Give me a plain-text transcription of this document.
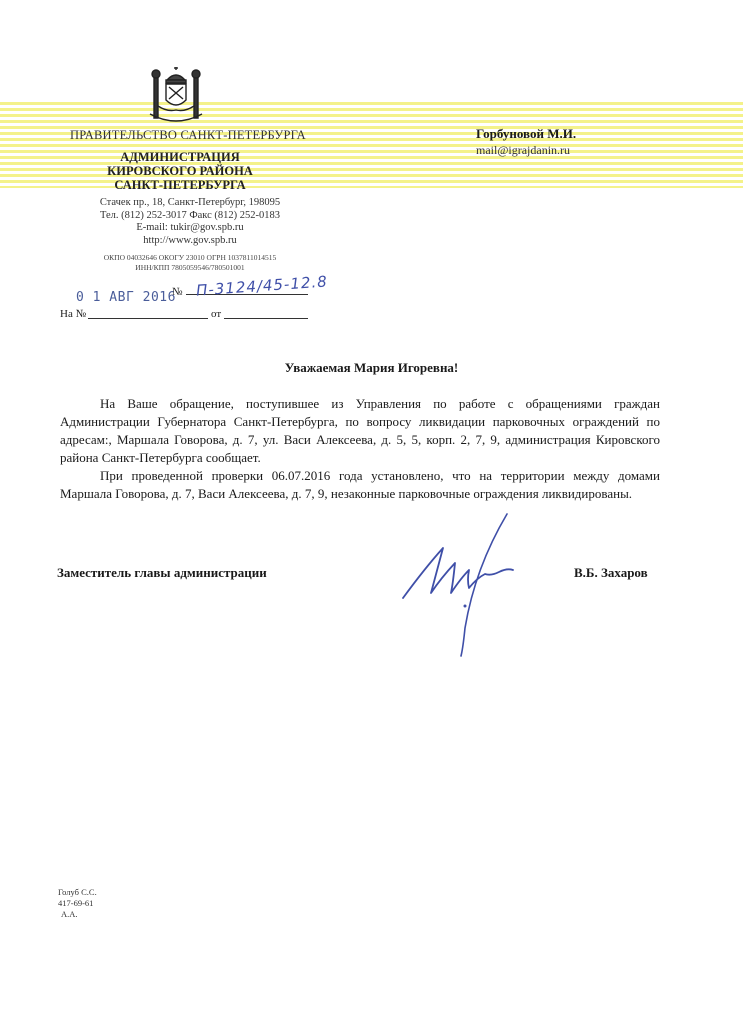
ПРАВИТЕЛЬСТВО САНКТ-ПЕТЕРБУРГА
АДМИНИСТРАЦИЯ
КИРОВСКОГО РАЙОНА
САНКТ-ПЕТЕРБУРГА
Стачек пр., 18, Санкт-Петербург, 198095
Тел. (812) 252-3017 Факс (812) 252-0183
E-mail: tukir@gov.spb.ru
http://www.gov.spb.ru
ОКПО 04032646 ОКОГУ 23010 ОГРН 1037811014515
ИНН/КПП 7805059546/780501001
0 1 АВГ 2016
№ П-3124/45-12.8
На №	от
Горбуновой М.И.
mail@igrajdanin.ru
Уважаемая Мария Игоревна!

На Ваше обращение, поступившее из Управления по работе с обращениями граждан Администрации Губернатора Санкт-Петербурга, по вопросу ликвидации парковочных ограждений по адресам:, Маршала Говорова, д. 7, ул. Васи Алексеева, д. 5, 5, корп. 2, 7, 9, администрация Кировского района Санкт-Петербурга сообщает.

При проведенной проверки 06.07.2016 года установлено, что на территории между домами Маршала Говорова, д. 7, Васи Алексеева, д. 7, 9, незаконные парковочные ограждения ликвидированы.

Заместитель главы администрации	В.Б. Захаров
Голуб С.С.
417-69-61
А.А.
